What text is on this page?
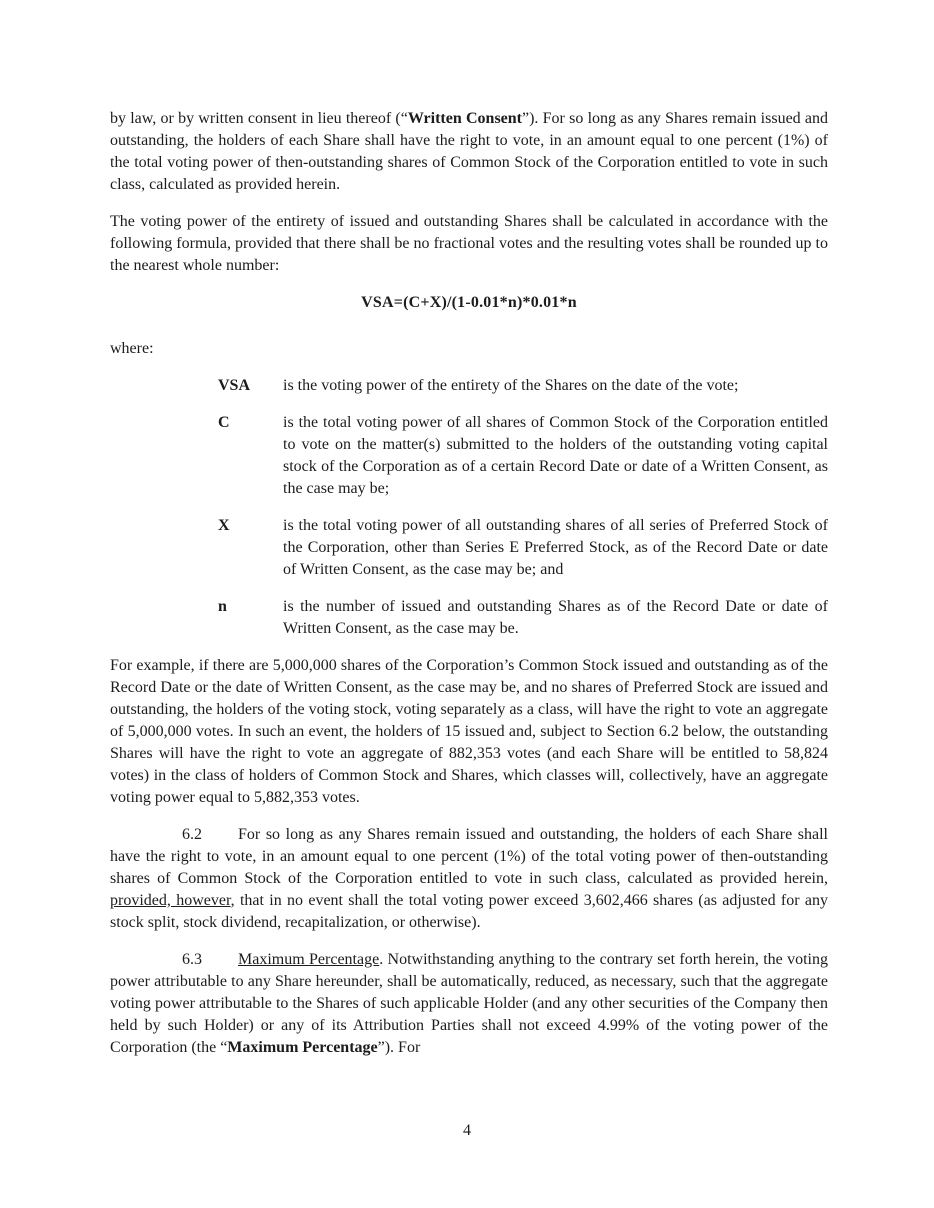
by law, or by written consent in lieu thereof (“Written Consent”). For so long as any Shares remain issued and outstanding, the holders of each Share shall have the right to vote, in an amount equal to one percent (1%) of the total voting power of then-outstanding shares of Common Stock of the Corporation entitled to vote in such class, calculated as provided herein.

The voting power of the entirety of issued and outstanding Shares shall be calculated in accordance with the following formula, provided that there shall be no fractional votes and the resulting votes shall be rounded up to the nearest whole number:

VSA=(C+X)/(1-0.01*n)*0.01*n

where:

VSA	is the voting power of the entirety of the Shares on the date of the vote;
C	is the total voting power of all shares of Common Stock of the Corporation entitled to vote on the matter(s) submitted to the holders of the outstanding voting capital stock of the Corporation as of a certain Record Date or date of a Written Consent, as the case may be;
X	is the total voting power of all outstanding shares of all series of Preferred Stock of the Corporation, other than Series E Preferred Stock, as of the Record Date or date of Written Consent, as the case may be; and
n	is the number of issued and outstanding Shares as of the Record Date or date of Written Consent, as the case may be.

For example, if there are 5,000,000 shares of the Corporation’s Common Stock issued and outstanding as of the Record Date or the date of Written Consent, as the case may be, and no shares of Preferred Stock are issued and outstanding, the holders of the voting stock, voting separately as a class, will have the right to vote an aggregate of 5,000,000 votes. In such an event, the holders of 15 issued and, subject to Section 6.2 below, the outstanding Shares will have the right to vote an aggregate of 882,353 votes (and each Share will be entitled to 58,824 votes) in the class of holders of Common Stock and Shares, which classes will, collectively, have an aggregate voting power equal to 5,882,353 votes.

6.2 For so long as any Shares remain issued and outstanding, the holders of each Share shall have the right to vote, in an amount equal to one percent (1%) of the total voting power of then-outstanding shares of Common Stock of the Corporation entitled to vote in such class, calculated as provided herein, provided, however, that in no event shall the total voting power exceed 3,602,466 shares (as adjusted for any stock split, stock dividend, recapitalization, or otherwise).

6.3 Maximum Percentage. Notwithstanding anything to the contrary set forth herein, the voting power attributable to any Share hereunder, shall be automatically, reduced, as necessary, such that the aggregate voting power attributable to the Shares of such applicable Holder (and any other securities of the Company then held by such Holder) or any of its Attribution Parties shall not exceed 4.99% of the voting power of the Corporation (the “Maximum Percentage”). For

4
